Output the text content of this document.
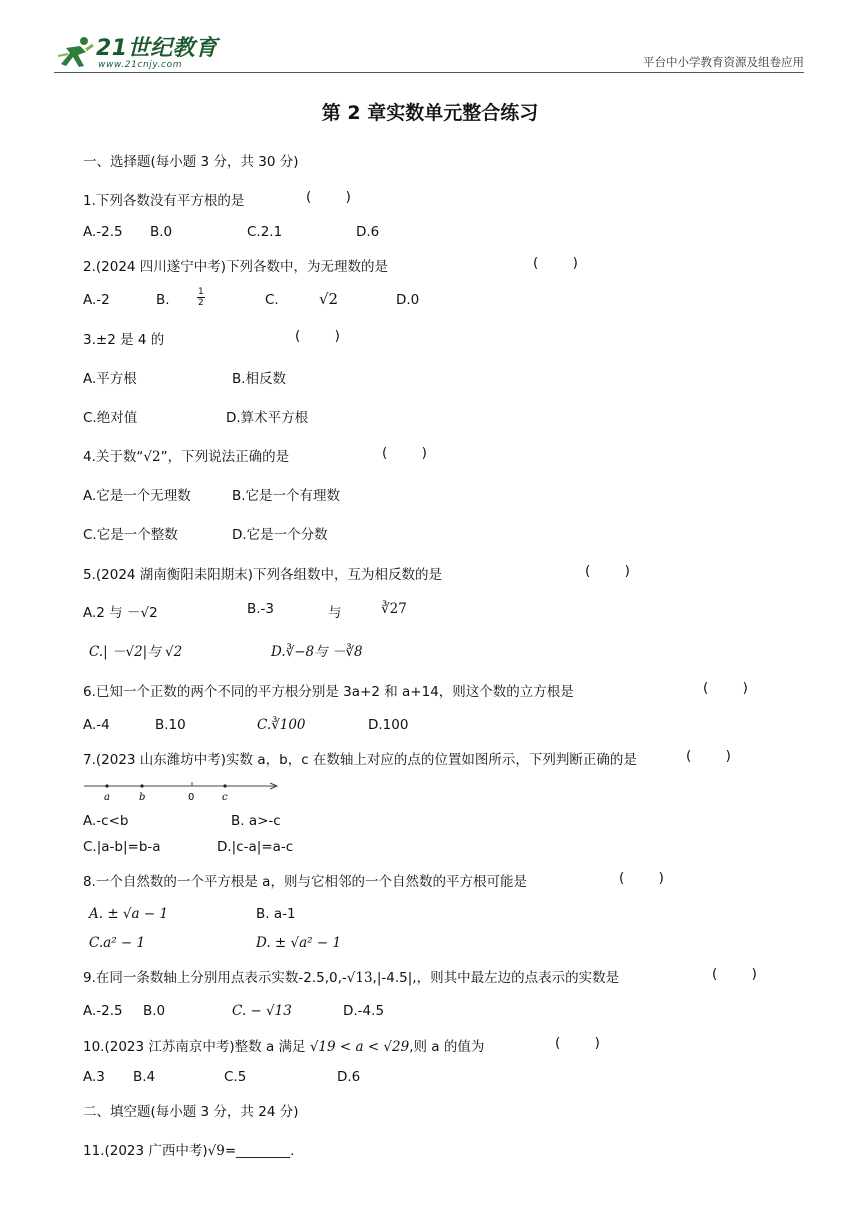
21世纪教育
www.21cnjy.com	平台中小学教育资源及组卷应用
第 2 章实数单元整合练习
一、选择题(每小题 3 分，共 30 分)
1.下列各数没有平方根的是	(        )
A.-2.5 B.0	C.2.1	D.6
2.(2024 四川遂宁中考)下列各数中，为无理数的是	(        )
A.-2	B.	$\frac{1}{2}$	C.	√2	D.0
3.±2 是 4 的	(        )
A.平方根	B.相反数
C.绝对值	D.算术平方根
4.关于数“√2”，下列说法正确的是	(        )
A.它是一个无理数	B.它是一个有理数
C.它是一个整数	D.它是一个分数
5.(2024 湖南衡阳耒阳期末)下列各组数中，互为相反数的是	(        )
A.2 与 －√2	B.-3	与	∛27
C.| －√2|与 √2	D.∛−8与 －∛8
6.已知一个正数的两个不同的平方根分别是 3a+2 和 a+14，则这个数的立方根是	(        )
A.-4	B.10	C.∛100	D.100
7.(2023 山东潍坊中考)实数 a，b，c 在数轴上对应的点的位置如图所示，下列判断正确的是	(        )
a	b	0	c
A.-c<b	B. a>-c
C.|a-b|=b-a	D.|c-a|=a-c
8.一个自然数的一个平方根是 a，则与它相邻的一个自然数的平方根可能是	(        )
A. ± √a − 1	B. a-1
C.a² − 1	D. ± √a² − 1
9.在同一条数轴上分别用点表示实数-2.5,0,-√13,|-4.5|,，则其中最左边的点表示的实数是	(        )
A.-2.5 B.0	C. − √13	D.-4.5
10.(2023 江苏南京中考)整数 a 满足 √19 < a < √29,则 a 的值为	(        )
A.3 B.4	C.5	D.6
二、填空题(每小题 3 分，共 24 分)
11.(2023 广西中考)√9=________.
